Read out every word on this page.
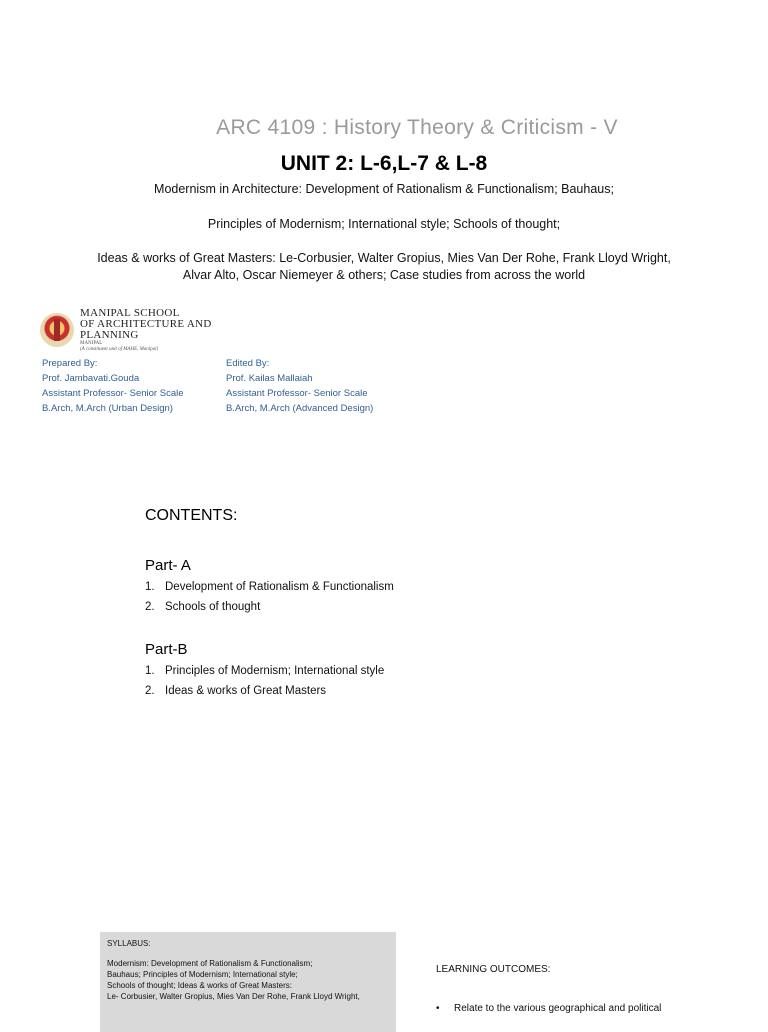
ARC 4109 : History Theory & Criticism - V
UNIT 2: L-6,L-7 & L-8
Modernism in Architecture: Development of Rationalism & Functionalism; Bauhaus;
Principles of Modernism; International style; Schools of thought;
Ideas & works of Great Masters: Le-Corbusier, Walter Gropius, Mies Van Der Rohe, Frank Lloyd Wright,
Alvar Alto, Oscar Niemeyer & others; Case studies from across the world
MANIPAL SCHOOL
OF ARCHITECTURE AND PLANNING
MANIPAL
(A constituent unit of MAHE, Manipal)
Prepared By:
Prof. Jambavati.Gouda
Assistant Professor- Senior Scale
B.Arch, M.Arch (Urban Design)
Edited By:
Prof. Kailas Mallaiah
Assistant Professor- Senior Scale
B.Arch, M.Arch (Advanced Design)
CONTENTS:
Part- A
1. Development of Rationalism & Functionalism
2. Schools of thought
Part-B
1. Principles of Modernism; International style
2. Ideas & works of Great Masters
SYLLABUS:
Modernism: Development of Rationalism & Functionalism;
Bauhaus; Principles of Modernism; International style;
Schools of thought; Ideas & works of Great Masters:
Le- Corbusier, Walter Gropius, Mies Van Der Rohe, Frank Lloyd Wright,
LEARNING OUTCOMES:
• Relate to the various geographical and political
